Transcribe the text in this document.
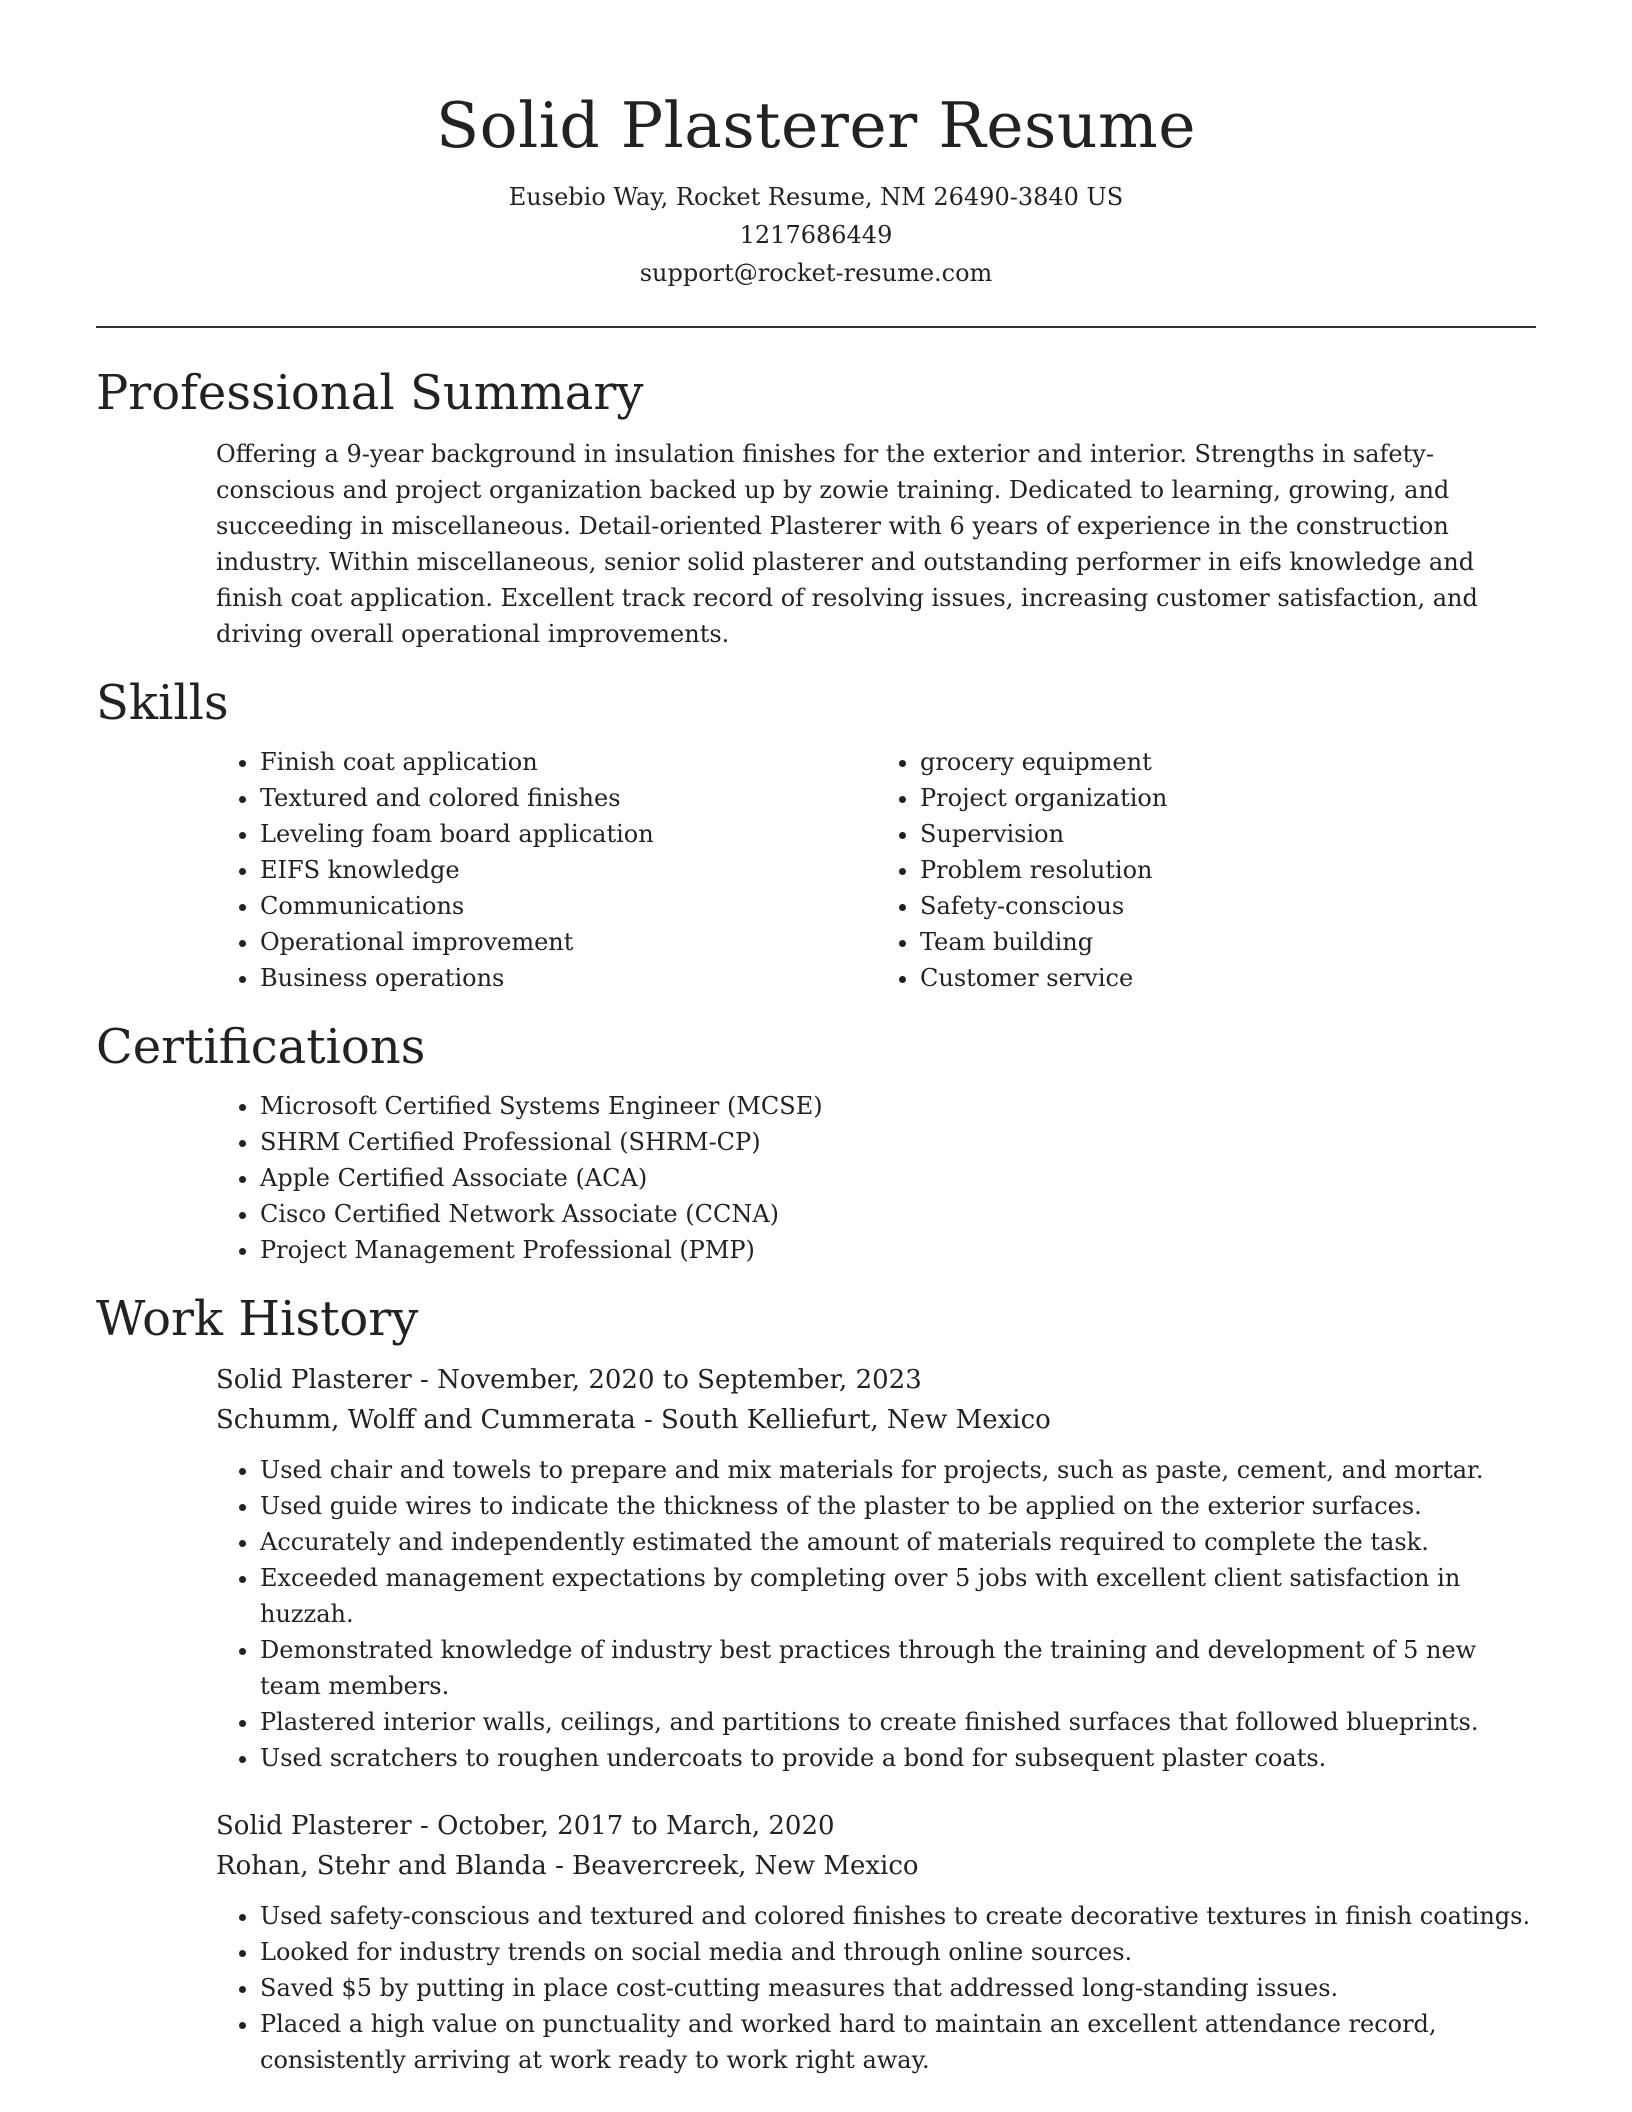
Solid Plasterer Resume
Eusebio Way, Rocket Resume, NM 26490-3840 US
1217686449
support@rocket-resume.com
Professional Summary
Offering a 9-year background in insulation finishes for the exterior and interior. Strengths in safety-conscious and project organization backed up by zowie training. Dedicated to learning, growing, and succeeding in miscellaneous. Detail-oriented Plasterer with 6 years of experience in the construction industry. Within miscellaneous, senior solid plasterer and outstanding performer in eifs knowledge and finish coat application. Excellent track record of resolving issues, increasing customer satisfaction, and driving overall operational improvements.
Skills
• Finish coat application
• Textured and colored finishes
• Leveling foam board application
• EIFS knowledge
• Communications
• Operational improvement
• Business operations
• grocery equipment
• Project organization
• Supervision
• Problem resolution
• Safety-conscious
• Team building
• Customer service
Certifications
• Microsoft Certified Systems Engineer (MCSE)
• SHRM Certified Professional (SHRM-CP)
• Apple Certified Associate (ACA)
• Cisco Certified Network Associate (CCNA)
• Project Management Professional (PMP)
Work History
Solid Plasterer - November, 2020 to September, 2023
Schumm, Wolff and Cummerata - South Kelliefurt, New Mexico
• Used chair and towels to prepare and mix materials for projects, such as paste, cement, and mortar.
• Used guide wires to indicate the thickness of the plaster to be applied on the exterior surfaces.
• Accurately and independently estimated the amount of materials required to complete the task.
• Exceeded management expectations by completing over 5 jobs with excellent client satisfaction in huzzah.
• Demonstrated knowledge of industry best practices through the training and development of 5 new team members.
• Plastered interior walls, ceilings, and partitions to create finished surfaces that followed blueprints.
• Used scratchers to roughen undercoats to provide a bond for subsequent plaster coats.
Solid Plasterer - October, 2017 to March, 2020
Rohan, Stehr and Blanda - Beavercreek, New Mexico
• Used safety-conscious and textured and colored finishes to create decorative textures in finish coatings.
• Looked for industry trends on social media and through online sources.
• Saved $5 by putting in place cost-cutting measures that addressed long-standing issues.
• Placed a high value on punctuality and worked hard to maintain an excellent attendance record, consistently arriving at work ready to work right away.
